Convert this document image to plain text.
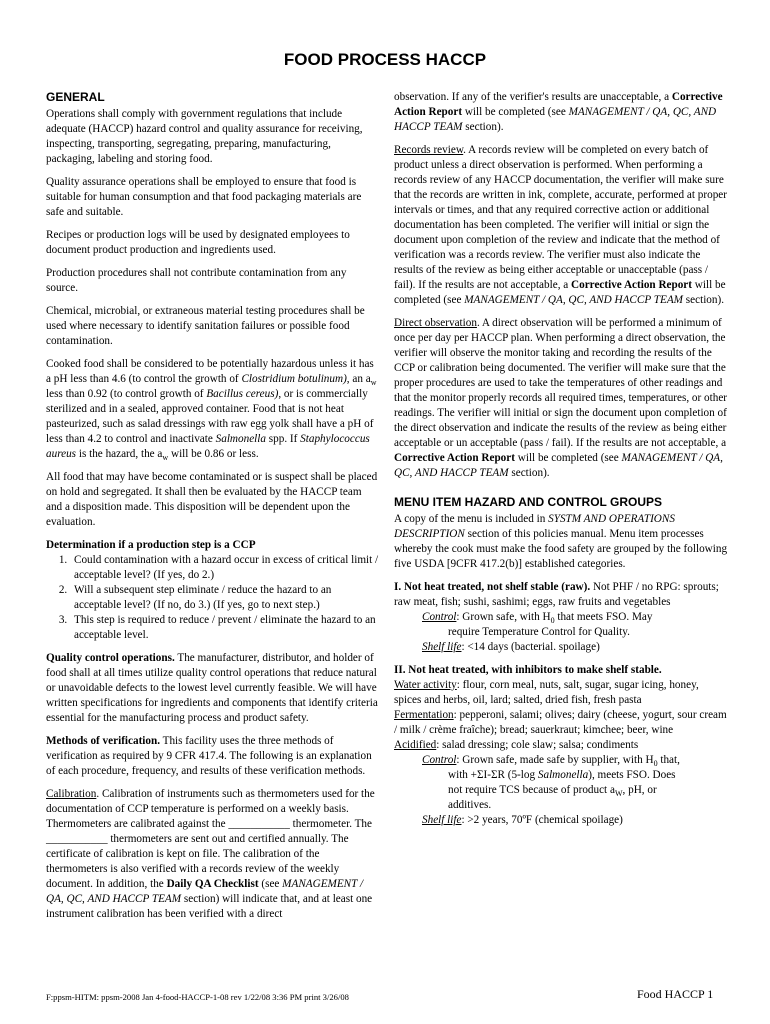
FOOD PROCESS HACCP
GENERAL

Operations shall comply with government regulations that include adequate (HACCP) hazard control and quality assurance for receiving, inspecting, transporting, segregating, preparing, manufacturing, packaging, labeling and storing food.

Quality assurance operations shall be employed to ensure that food is suitable for human consumption and that food packaging materials are safe and suitable.

Recipes or production logs will be used by designated employees to document product production and ingredients used.

Production procedures shall not contribute contamination from any source.

Chemical, microbial, or extraneous material testing procedures shall be used where necessary to identify sanitation failures or possible food contamination.

Cooked food shall be considered to be potentially hazardous unless it has a pH less than 4.6 (to control the growth of Clostridium botulinum), an $a_w$ less than 0.92 (to control growth of Bacillus cereus), or is commercially sterilized and in a sealed, approved container. Food that is not heat pasteurized, such as salad dressings with raw egg yolk shall have a pH of less than 4.2 to control and inactivate Salmonella spp. If Staphylococcus aureus is the hazard, the $a_w$ will be 0.86 or less.

All food that may have become contaminated or is suspect shall be placed on hold and segregated. It shall then be evaluated by the HACCP team and a disposition made. This disposition will be dependent upon the evaluation.

Determination if a production step is a CCP
1. Could contamination with a hazard occur in excess of critical limit / acceptable level? (If yes, do 2.)
2. Will a subsequent step eliminate / reduce the hazard to an acceptable level? (If no, do 3.) (If yes, go to next step.)
3. This step is required to reduce / prevent / eliminate the hazard to an acceptable level.

Quality control operations. The manufacturer, distributor, and holder of food shall at all times utilize quality control operations that reduce natural or unavoidable defects to the lowest level currently feasible. We will have written specifications for ingredients and components that identify criteria essential for the manufacturing process and product safety.

Methods of verification. This facility uses the three methods of verification as required by 9 CFR 417.4. The following is an explanation of each procedure, frequency, and results of these verification methods.

Calibration. Calibration of instruments such as thermometers used for the documentation of CCP temperature is performed on a weekly basis. Thermometers are calibrated against the ___________ thermometer. The ___________ thermometers are sent out and certified annually. The certificate of calibration is kept on file. The calibration of the thermometers is also verified with a records review of the weekly document. In addition, the Daily QA Checklist (see MANAGEMENT / QA, QC, AND HACCP TEAM section) will indicate that, and at least one instrument calibration has been verified with a direct

observation. If any of the verifier's results are unacceptable, a Corrective Action Report will be completed (see MANAGEMENT / QA, QC, AND HACCP TEAM section).

Records review. A records review will be completed on every batch of product unless a direct observation is performed. When performing a records review of any HACCP documentation, the verifier will make sure that the records are written in ink, complete, accurate, performed at proper intervals or times, and that any required corrective action or additional documentation has been completed. The verifier will initial or sign the document upon completion of the review and indicate that the method of verification was a records review. The verifier must also indicate the results of the review as being either acceptable or unacceptable (pass / fail). If the results are not acceptable, a Corrective Action Report will be completed (see MANAGEMENT / QA, QC, AND HACCP TEAM section).

Direct observation. A direct observation will be performed a minimum of once per day per HACCP plan. When performing a direct observation, the verifier will observe the monitor taking and recording the results of the CCP or calibration being documented. The verifier will make sure that the proper procedures are used to take the temperatures of other readings and that the monitor properly records all required times, temperatures, or other readings. The verifier will initial or sign the document upon completion of the direct observation and indicate the results of the review as being either acceptable or un acceptable (pass / fail). If the results are not acceptable, a Corrective Action Report will be completed (see MANAGEMENT / QA, QC, AND HACCP TEAM section).

MENU ITEM HAZARD AND CONTROL GROUPS

A copy of the menu is included in SYSTM AND OPERATIONS DESCRIPTION section of this policies manual. Menu item processes whereby the cook must make the food safety are grouped by the following five USDA [9CFR 417.2(b)] established categories.

I. Not heat treated, not shelf stable (raw). Not PHF / no RPG: sprouts; raw meat, fish; sushi, sashimi; eggs, raw fruits and vegetables
Control: Grown safe, with $H_0$ that meets FSO. May
require Temperature Control for Quality.
Shelf life: <14 days (bacterial. spoilage)
II. Not heat treated, with inhibitors to make shelf stable.
Water activity: flour, corn meal, nuts, salt, sugar, sugar icing, honey, spices and herbs, oil, lard; salted, dried fish, fresh pasta
Fermentation: pepperoni, salami; olives; dairy (cheese, yogurt, sour cream / milk / crème fraîche); bread; sauerkraut; kimchee; beer, wine
Acidified: salad dressing; cole slaw; salsa; condiments
Control: Grown safe, made safe by supplier, with $H_0$ that,
with +ΣI-ΣR (5-log Salmonella), meets FSO. Does
not require TCS because of product $a_W$, pH, or
additives.
Shelf life: >2 years, 70ºF (chemical spoilage)
F:ppsm-HITM: ppsm-2008 Jan 4-food-HACCP-1-08 rev 1/22/08 3:36 PM print 3/26/08	Food HACCP 1
